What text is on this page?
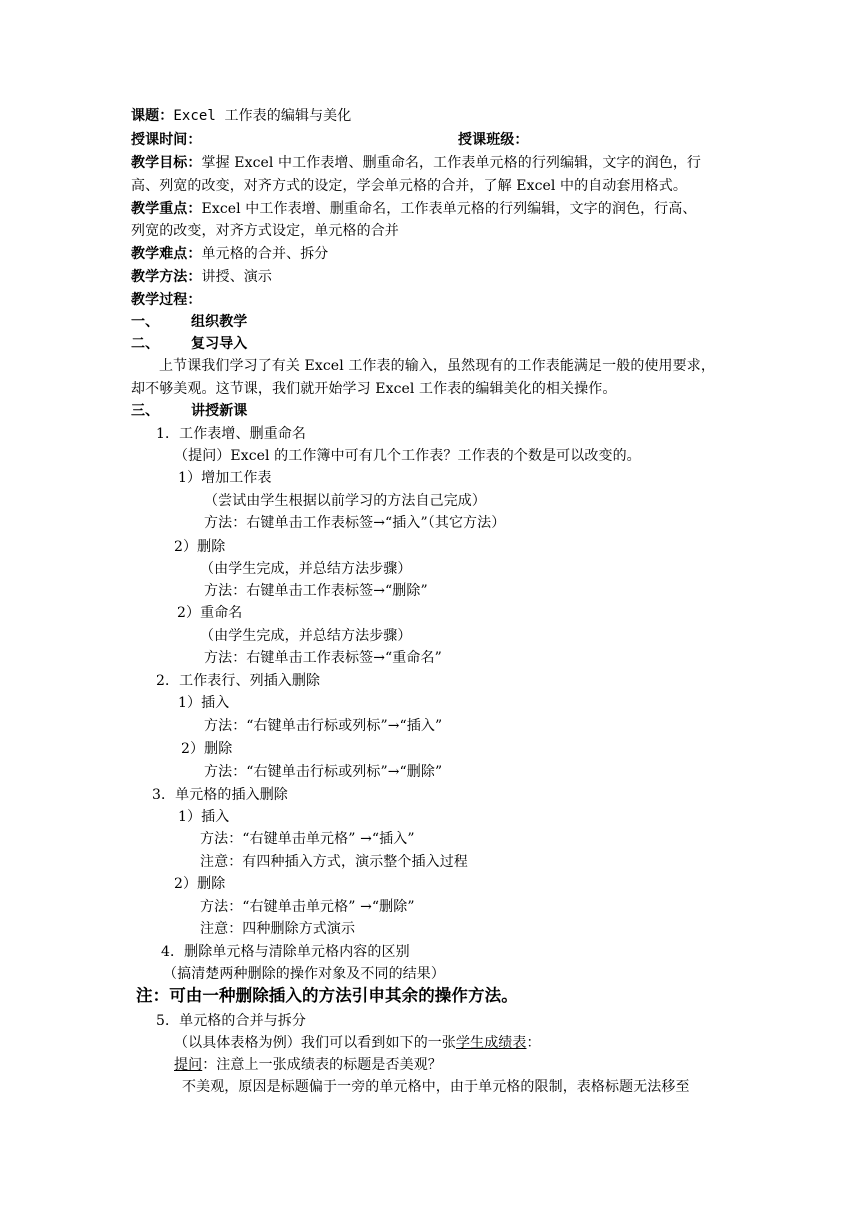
课题：Excel 工作表的编辑与美化
授课时间：	授课班级：
教学目标：掌握 Excel 中工作表增、删重命名，工作表单元格的行列编辑，文字的润色，行
高、列宽的改变，对齐方式的设定，学会单元格的合并，了解 Excel 中的自动套用格式。
教学重点：Excel 中工作表增、删重命名，工作表单元格的行列编辑，文字的润色，行高、
列宽的改变，对齐方式设定，单元格的合并
教学难点：单元格的合并、拆分
教学方法：讲授、演示
教学过程：
一、 组织教学
二、 复习导入
上节课我们学习了有关 Excel 工作表的输入，虽然现有的工作表能满足一般的使用要求，
却不够美观。这节课，我们就开始学习 Excel 工作表的编辑美化的相关操作。
三、 讲授新课
1．工作表增、删重命名
（提问）Excel 的工作簿中可有几个工作表？工作表的个数是可以改变的。
1）增加工作表
（尝试由学生根据以前学习的方法自己完成）
方法：右键单击工作表标签→“插入”（其它方法）
2）删除
（由学生完成，并总结方法步骤）
方法：右键单击工作表标签→“删除”
2）重命名
（由学生完成，并总结方法步骤）
方法：右键单击工作表标签→“重命名”
2．工作表行、列插入删除
1）插入
方法：“右键单击行标或列标”→“插入”
2）删除
方法：“右键单击行标或列标”→“删除”
3．单元格的插入删除
1）插入
方法：“右键单击单元格” →“插入”
注意：有四种插入方式，演示整个插入过程
2）删除
方法：“右键单击单元格” →“删除”
注意：四种删除方式演示
4．删除单元格与清除单元格内容的区别
（搞清楚两种删除的操作对象及不同的结果）
注：可由一种删除插入的方法引申其余的操作方法。
5．单元格的合并与拆分
（以具体表格为例）我们可以看到如下的一张学生成绩表：
提问：注意上一张成绩表的标题是否美观？
不美观，原因是标题偏于一旁的单元格中，由于单元格的限制，表格标题无法移至
